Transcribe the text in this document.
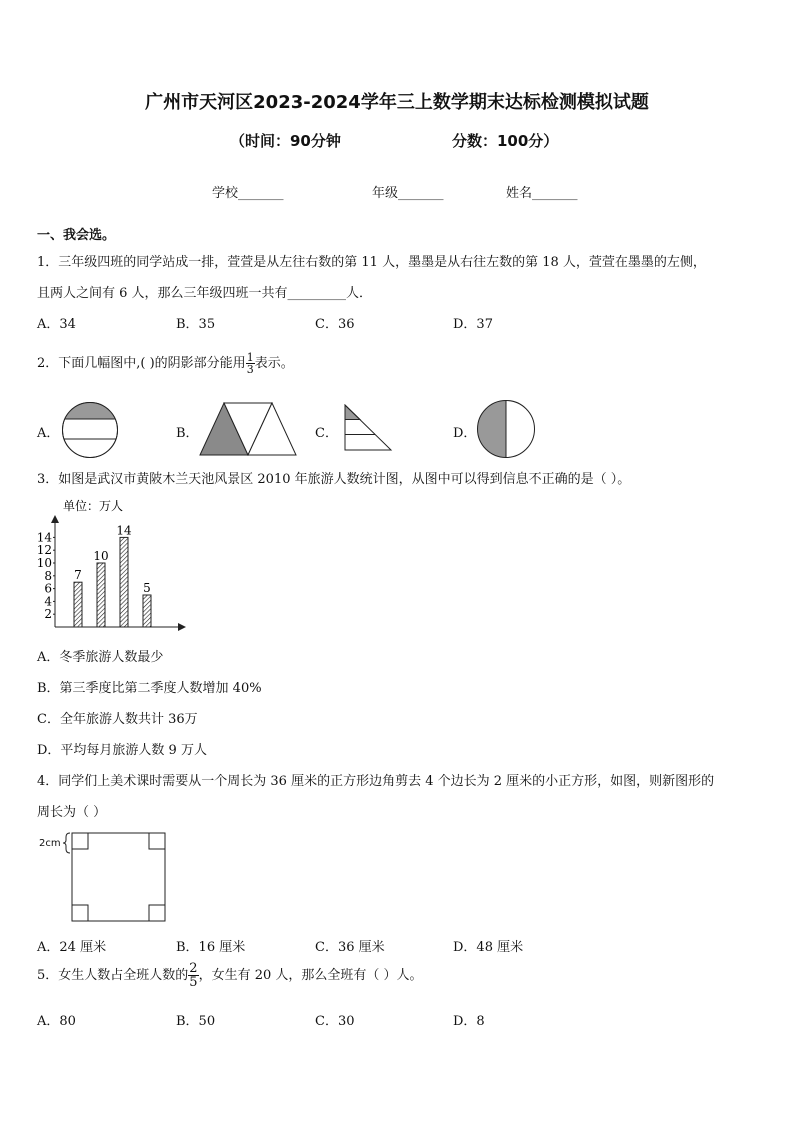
广州市天河区2023-2024学年三上数学期末达标检测模拟试题
（时间：90分钟	分数：100分）
学校_______	年级_______	姓名_______
一、我会选。
1．三年级四班的同学站成一排，萱萱是从左往右数的第 11 人，墨墨是从右往左数的第 18 人，萱萱在墨墨的左侧，
且两人之间有 6 人，那么三年级四班一共有_________人．
A．34	B．35	C．36	D．37
2．下面几幅图中,( )的阴影部分能用 $\frac{1}{3}$ 表示。
A．	B．	C．	D．
3．如图是武汉市黄陂木兰天池风景区 2010 年旅游人数统计图，从图中可以得到信息不正确的是（ ）。
单位：万人
2
4
6
8
10
12
14
7
10
14
5
A．冬季旅游人数最少
B．第三季度比第二季度人数增加 40%
C．全年旅游人数共计 36万
D．平均每月旅游人数 9 万人
4．同学们上美术课时需要从一个周长为 36 厘米的正方形边角剪去 4 个边长为 2 厘米的小正方形，如图，则新图形的
周长为（ ）
2cm
A．24 厘米	B．16 厘米	C．36 厘米	D．48 厘米
5．女生人数占全班人数的 $\frac{2}{5}$ ，女生有 20 人，那么全班有（ ）人。
A．80	B．50	C．30	D．8
